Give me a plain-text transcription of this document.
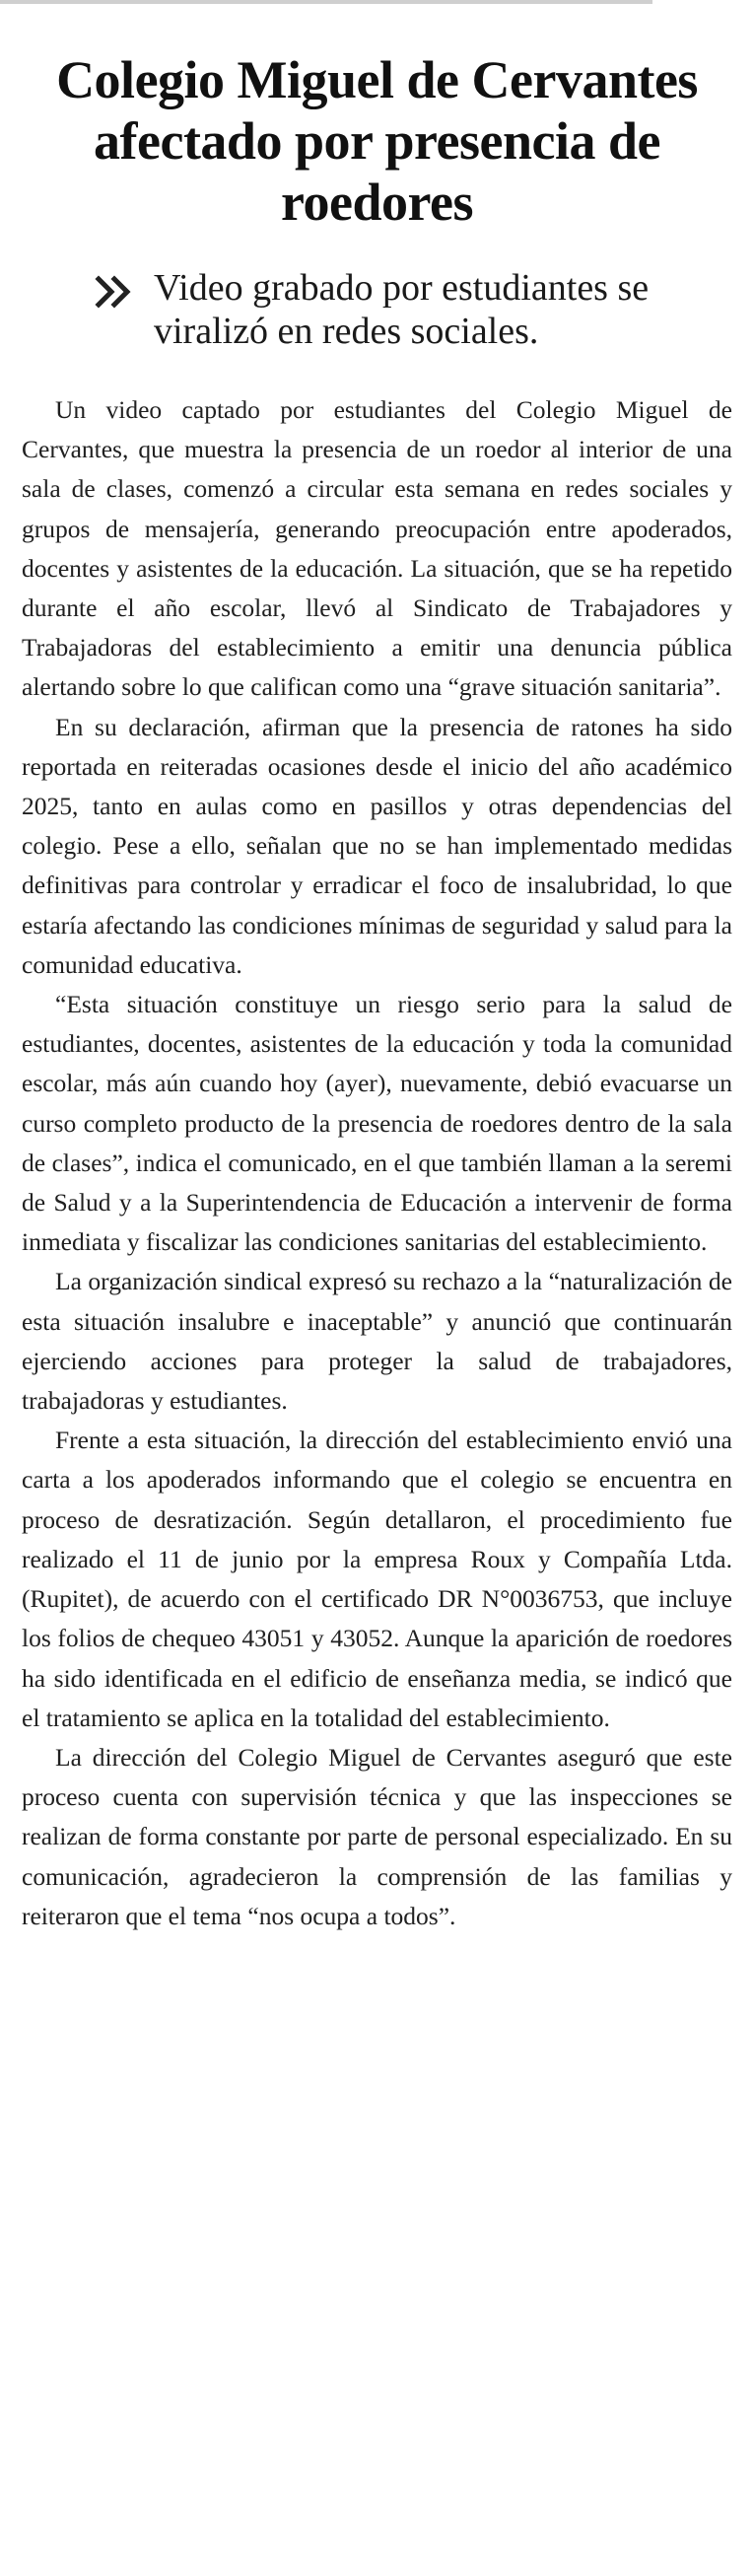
Colegio Miguel de Cervantes afectado por presencia de roedores
Video grabado por estudiantes se viralizó en redes sociales.

Un video captado por estudiantes del Colegio Miguel de Cervantes, que muestra la presencia de un roedor al interior de una sala de clases, comenzó a circular esta semana en redes sociales y grupos de mensajería, generando preocupación entre apoderados, docentes y asistentes de la educación. La situación, que se ha repetido durante el año escolar, llevó al Sindicato de Trabajadores y Trabajadoras del establecimiento a emitir una denuncia pública alertando sobre lo que califican como una “grave situación sanitaria”.

En su declaración, afirman que la presencia de ratones ha sido reportada en reiteradas ocasiones desde el inicio del año académico 2025, tanto en aulas como en pasillos y otras dependencias del colegio. Pese a ello, señalan que no se han implementado medidas definitivas para controlar y erradicar el foco de insalubridad, lo que estaría afectando las condiciones mínimas de seguridad y salud para la comunidad educativa.

“Esta situación constituye un riesgo serio para la salud de estudiantes, docentes, asistentes de la educación y toda la comunidad escolar, más aún cuando hoy (ayer), nuevamente, debió evacuarse un curso completo producto de la presencia de roedores dentro de la sala de clases”, indica el comunicado, en el que también llaman a la seremi de Salud y a la Superintendencia de Educación a intervenir de forma inmediata y fiscalizar las condiciones sanitarias del establecimiento.

La organización sindical expresó su rechazo a la “naturalización de esta situación insalubre e inaceptable” y anunció que continuarán ejerciendo acciones para proteger la salud de trabajadores, trabajadoras y estudiantes.

Frente a esta situación, la dirección del establecimiento envió una carta a los apoderados informando que el colegio se encuentra en proceso de desratización. Según detallaron, el procedimiento fue realizado el 11 de junio por la empresa Roux y Compañía Ltda. (Rupitet), de acuerdo con el certificado DR N°0036753, que incluye los folios de chequeo 43051 y 43052. Aunque la aparición de roedores ha sido identificada en el edificio de enseñanza media, se indicó que el tratamiento se aplica en la totalidad del establecimiento.

La dirección del Colegio Miguel de Cervantes aseguró que este proceso cuenta con supervisión técnica y que las inspecciones se realizan de forma constante por parte de personal especializado. En su comunicación, agradecieron la comprensión de las familias y reiteraron que el tema “nos ocupa a todos”.
